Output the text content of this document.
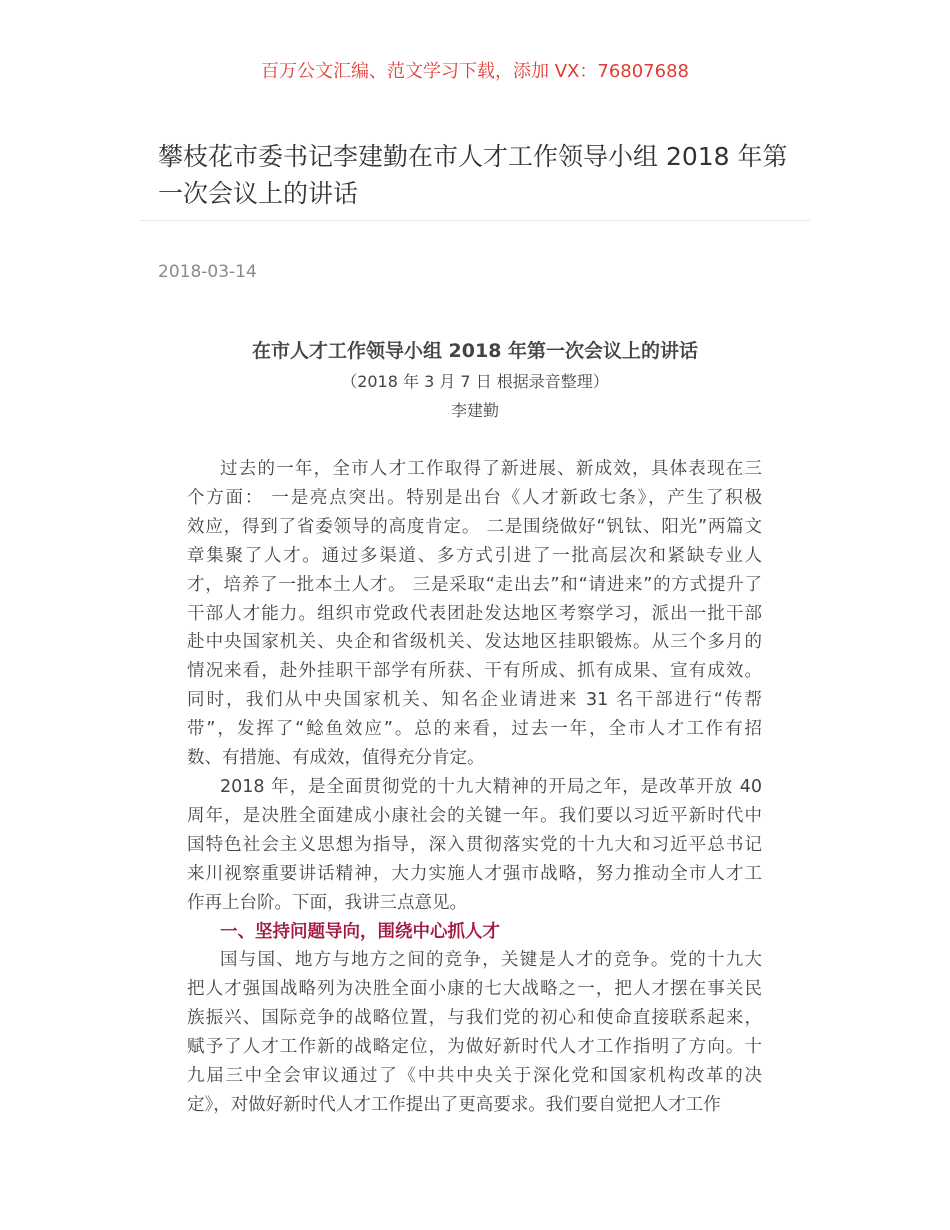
百万公文汇编、范文学习下载，添加 VX：76807688
攀枝花市委书记李建勤在市人才工作领导小组 2018 年第一次会议上的讲话
2018-03-14
在市人才工作领导小组 2018 年第一次会议上的讲话
（2018 年 3 月 7 日 根据录音整理）
李建勤
过去的一年，全市人才工作取得了新进展、新成效，具体表现在三
个方面： 一是亮点突出。特别是出台《人才新政七条》，产生了积极
效应，得到了省委领导的高度肯定。 二是围绕做好“钒钛、阳光”两篇文
章集聚了人才。通过多渠道、多方式引进了一批高层次和紧缺专业人
才，培养了一批本土人才。 三是采取“走出去”和“请进来”的方式提升了
干部人才能力。组织市党政代表团赴发达地区考察学习，派出一批干部
赴中央国家机关、央企和省级机关、发达地区挂职锻炼。从三个多月的
情况来看，赴外挂职干部学有所获、干有所成、抓有成果、宣有成效。
同时，我们从中央国家机关、知名企业请进来 31 名干部进行“传帮
带”，发挥了“鲶鱼效应”。总的来看，过去一年，全市人才工作有招
数、有措施、有成效，值得充分肯定。
2018 年，是全面贯彻党的十九大精神的开局之年，是改革开放 40
周年，是决胜全面建成小康社会的关键一年。我们要以习近平新时代中
国特色社会主义思想为指导，深入贯彻落实党的十九大和习近平总书记
来川视察重要讲话精神，大力实施人才强市战略，努力推动全市人才工
作再上台阶。下面，我讲三点意见。
一、坚持问题导向，围绕中心抓人才
国与国、地方与地方之间的竞争，关键是人才的竞争。党的十九大
把人才强国战略列为决胜全面小康的七大战略之一，把人才摆在事关民
族振兴、国际竞争的战略位置，与我们党的初心和使命直接联系起来，
赋予了人才工作新的战略定位，为做好新时代人才工作指明了方向。十
九届三中全会审议通过了《中共中央关于深化党和国家机构改革的决
定》，对做好新时代人才工作提出了更高要求。我们要自觉把人才工作
